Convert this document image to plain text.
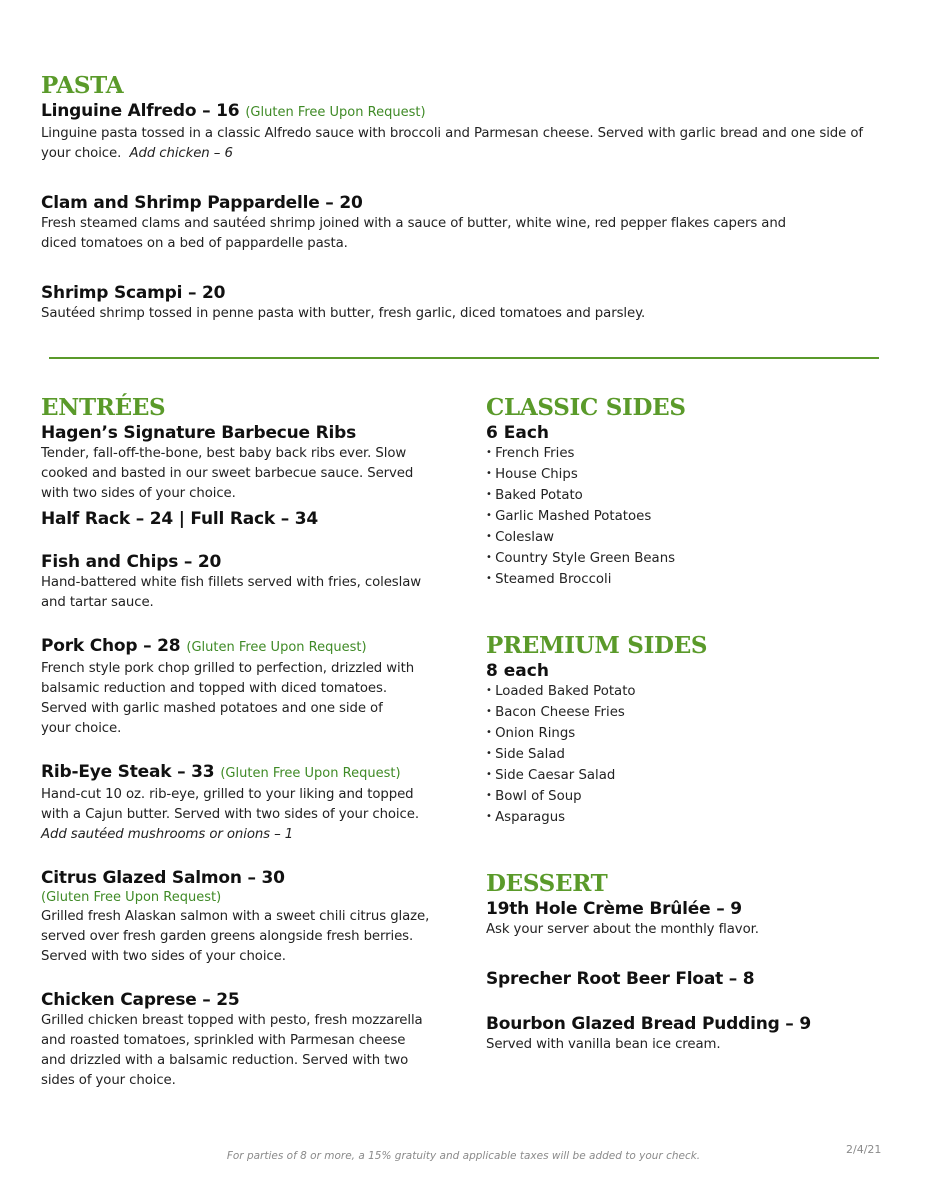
PASTA
Linguine Alfredo – 16 (Gluten Free Upon Request)
Linguine pasta tossed in a classic Alfredo sauce with broccoli and Parmesan cheese. Served with garlic bread and one side of
your choice. Add chicken – 6
Clam and Shrimp Pappardelle – 20
Fresh steamed clams and sautéed shrimp joined with a sauce of butter, white wine, red pepper flakes capers and
diced tomatoes on a bed of pappardelle pasta.
Shrimp Scampi – 20
Sautéed shrimp tossed in penne pasta with butter, fresh garlic, diced tomatoes and parsley.
ENTRÉES
Hagen’s Signature Barbecue Ribs
Tender, fall-off-the-bone, best baby back ribs ever. Slow
cooked and basted in our sweet barbecue sauce. Served
with two sides of your choice.
Half Rack – 24 | Full Rack – 34
Fish and Chips – 20
Hand-battered white fish fillets served with fries, coleslaw
and tartar sauce.
Pork Chop – 28 (Gluten Free Upon Request)
French style pork chop grilled to perfection, drizzled with
balsamic reduction and topped with diced tomatoes.
Served with garlic mashed potatoes and one side of
your choice.
Rib-Eye Steak – 33 (Gluten Free Upon Request)
Hand-cut 10 oz. rib-eye, grilled to your liking and topped
with a Cajun butter. Served with two sides of your choice.
Add sautéed mushrooms or onions – 1
Citrus Glazed Salmon – 30
(Gluten Free Upon Request)
Grilled fresh Alaskan salmon with a sweet chili citrus glaze,
served over fresh garden greens alongside fresh berries.
Served with two sides of your choice.
Chicken Caprese – 25
Grilled chicken breast topped with pesto, fresh mozzarella
and roasted tomatoes, sprinkled with Parmesan cheese
and drizzled with a balsamic reduction. Served with two
sides of your choice.
CLASSIC SIDES
6 Each
• French Fries
• House Chips
• Baked Potato
• Garlic Mashed Potatoes
• Coleslaw
• Country Style Green Beans
• Steamed Broccoli
PREMIUM SIDES
8 each
• Loaded Baked Potato
• Bacon Cheese Fries
• Onion Rings
• Side Salad
• Side Caesar Salad
• Bowl of Soup
• Asparagus
DESSERT
19th Hole Crème Brûlée – 9
Ask your server about the monthly flavor.
Sprecher Root Beer Float – 8
Bourbon Glazed Bread Pudding – 9
Served with vanilla bean ice cream.
For parties of 8 or more, a 15% gratuity and applicable taxes will be added to your check.	2/4/21
